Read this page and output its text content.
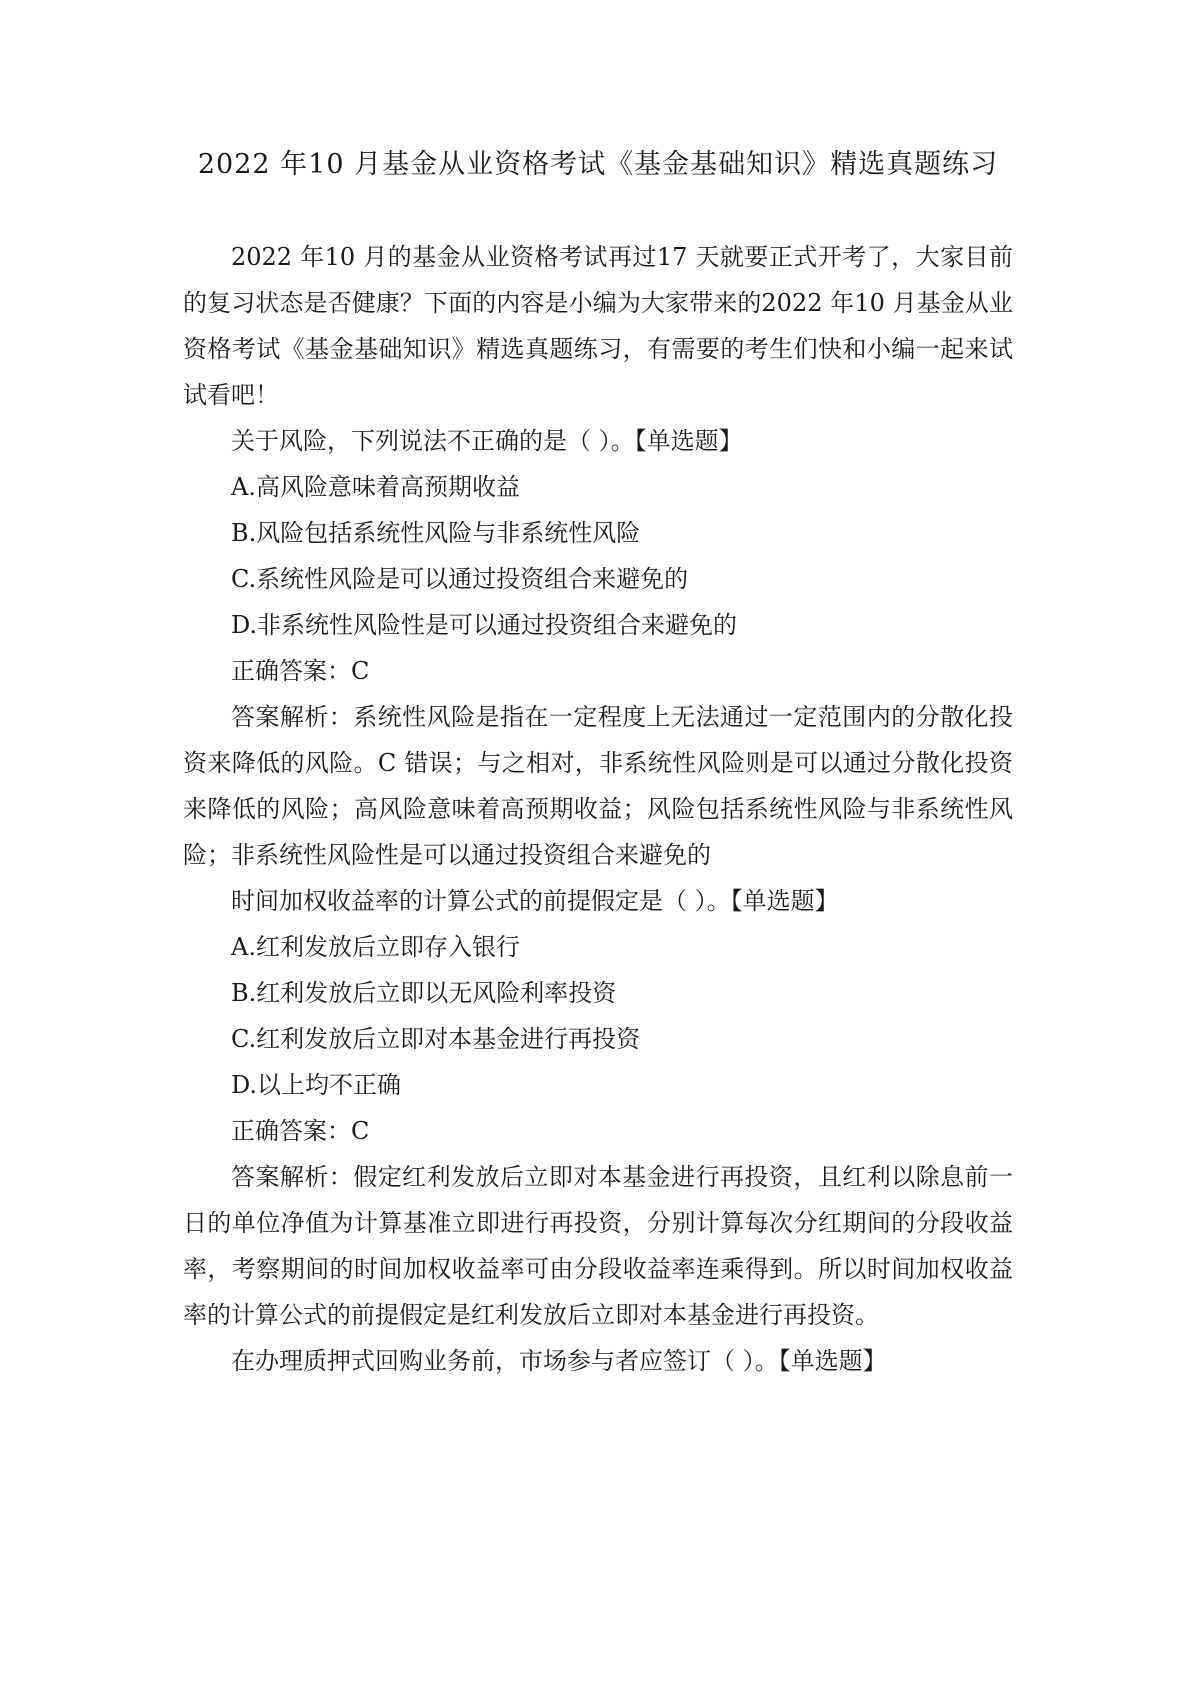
2022 年10 月基金从业资格考试《基金基础知识》精选真题练习

2022 年10 月的基金从业资格考试再过17 天就要正式开考了，大家目前的复习状态是否健康？下面的内容是小编为大家带来的2022 年10 月基金从业资格考试《基金基础知识》精选真题练习，有需要的考生们快和小编一起来试试看吧！

关于风险，下列说法不正确的是（ ）。【单选题】

A.高风险意味着高预期收益

B.风险包括系统性风险与非系统性风险

C.系统性风险是可以通过投资组合来避免的

D.非系统性风险性是可以通过投资组合来避免的

正确答案：C

答案解析：系统性风险是指在一定程度上无法通过一定范围内的分散化投资来降低的风险。C 错误；与之相对，非系统性风险则是可以通过分散化投资来降低的风险；高风险意味着高预期收益；风险包括系统性风险与非系统性风险；非系统性风险性是可以通过投资组合来避免的

时间加权收益率的计算公式的前提假定是（ ）。【单选题】

A.红利发放后立即存入银行

B.红利发放后立即以无风险利率投资

C.红利发放后立即对本基金进行再投资

D.以上均不正确

正确答案：C

答案解析：假定红利发放后立即对本基金进行再投资，且红利以除息前一日的单位净值为计算基准立即进行再投资，分别计算每次分红期间的分段收益率，考察期间的时间加权收益率可由分段收益率连乘得到。所以时间加权收益率的计算公式的前提假定是红利发放后立即对本基金进行再投资。

在办理质押式回购业务前，市场参与者应签订（ ）。【单选题】
